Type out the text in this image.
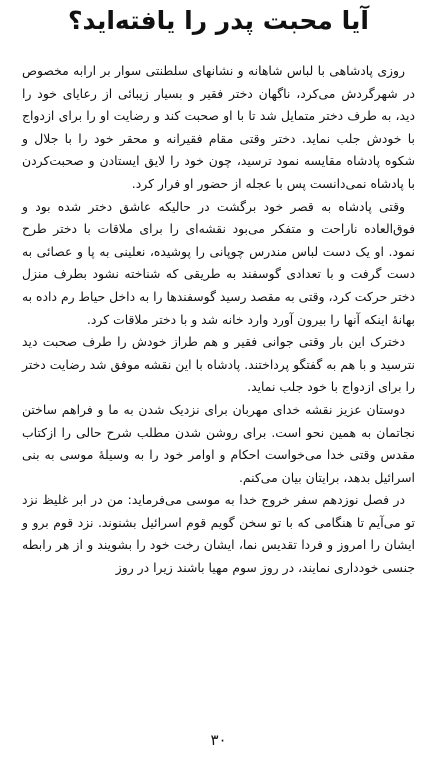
آیا محبت پدر را یافته‌اید؟

روزی پادشاهی با لباس شاهانه و نشانهای سلطنتی سوار بر ارابه مخصوص در شهرگردش می‌کرد، ناگهان دختر فقیر و بسیار زیبائی از رعایای خود را دید، به طرف دختر متمایل شد تا با او صحبت کند و رضایت او را برای ازدواج با خودش جلب نماید. دختر وقتی مقام فقیرانه و محقر خود را با جلال و شکوه پادشاه مقایسه نمود ترسید، چون خود را لایق ایستادن و صحبت‌کردن با پادشاه نمی‌دانست پس با عجله از حضور او فرار کرد.

وقتی پادشاه به قصر خود برگشت در حالیکه عاشق دختر شده بود و فوق‌العاده ناراحت و متفکر می‌بود نقشه‌ای را برای ملاقات با دختر طرح نمود. او یک دست لباس مندرس چوپانی را پوشیده، نعلینی به پا و عصائی به دست گرفت و با تعدادی گوسفند به طریقی که شناخته نشود بطرف منزل دختر حرکت کرد، وقتی به مقصد رسید گوسفندها را به داخل حیاط رم داده به بهانهٔ اینکه آنها را بیرون آورد وارد خانه شد و با دختر ملاقات کرد.

دخترک این بار وقتی جوانی فقیر و هم طراز خودش را طرف صحبت دید نترسید و با هم به گفتگو پرداختند. پادشاه با این نقشه موفق شد رضایت دختر را برای ازدواج با خود جلب نماید.

دوستان عزیز نقشه خدای مهربان برای نزدیک شدن به ما و فراهم ساختن نجاتمان به همین نحو است. برای روشن شدن مطلب شرح حالی را ازکتاب مقدس وقتی خدا می‌خواست احکام و اوامر خود را به وسیلهٔ موسی به بنی اسرائیل بدهد، برایتان بیان می‌کنم.

در فصل نوزدهم سفر خروج خدا به موسی می‌فرماید: من در ابر غلیظ نزد تو می‌آیم تا هنگامی که با تو سخن گویم قوم اسرائیل بشنوند. نزد قوم برو و ایشان را امروز و فردا تقدیس نما، ایشان رخت خود را بشویند و از هر رابطه جنسی خودداری نمایند، در روز سوم مهیا باشند زیرا در روز

۳۰
